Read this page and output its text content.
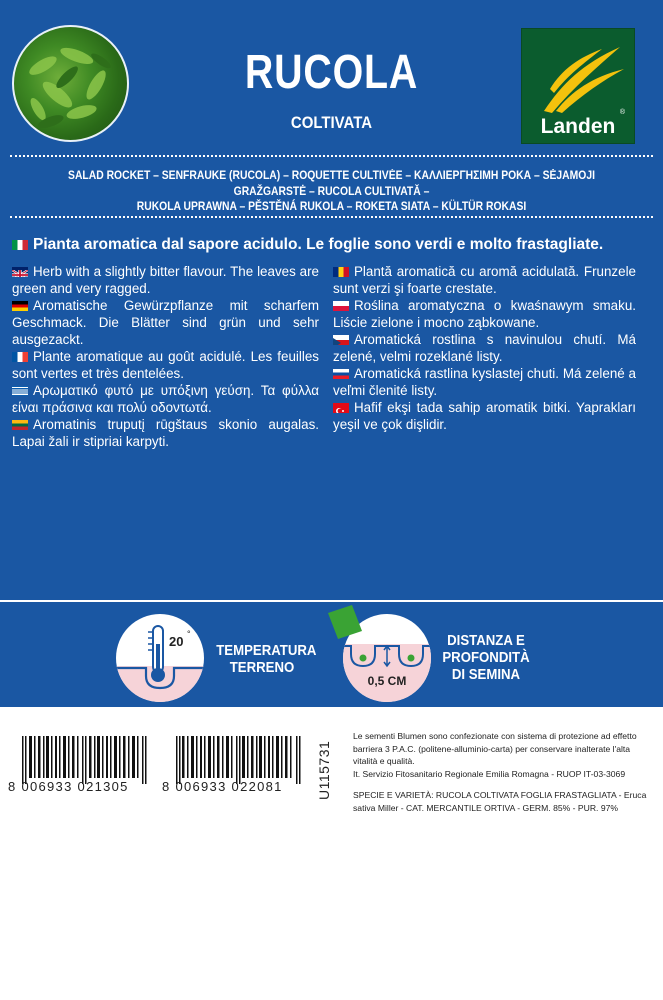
RUCOLA
COLTIVATA
®
Landen
SALAD ROCKET – SENFRAUKE (RUCOLA) – ROQUETTE CULTIVÉE – ΚΑΛΛΙΕΡΓΗΣΙΜΗ ΡΟΚΑ – SĖJAMOJI GRAŽGARSTĖ – RUCOLA CULTIVATĂ –
RUKOLA UPRAWNA – PĚSTĚNÁ RUKOLA – ROKETA SIATA – KÜLTÜR ROKASI
Pianta aromatica dal sapore acidulo. Le foglie sono verdi e molto frastagliate.

Herb with a slightly bitter flavour. The leaves are green and very ragged.

Aromatische Gewürzpflanze mit scharfem Geschmack. Die Blätter sind grün und sehr ausgezackt.

Plante aromatique au goût acidulé. Les feuilles sont vertes et très dentelées.

Αρωματικό φυτό με υπόξινη γεύση. Τα φύλλα είναι πράσινα και πολύ οδοντωτά.

Aromatinis truputį rūgštaus skonio augalas. Lapai žali ir stipriai karpyti.

Plantă aromatică cu aromă acidulată. Frunzele sunt verzi şi foarte crestate.

Roślina aromatyczna o kwaśnawym smaku. Liście zielone i mocno ząbkowane.

Aromatická rostlina s navinulou chutí. Má zelené, velmi rozeklané listy.

Aromatická rastlina kyslastej chuti. Má zelené a veľmi členité listy.

Hafif ekşi tada sahip aromatik bitki. Yaprakları yeşil ve çok dişlidir.

20 °
TEMPERATURA
TERRENO
0,5 CM
DISTANZA E
PROFONDITÀ
DI SEMINA
8 006933 021305	8 006933 022081 U115731

Le sementi Blumen sono confezionate con sistema di protezione ad effetto barriera 3 P.A.C. (politene-alluminio-carta) per conservare inalterate l'alta vitalità e qualità.
It. Servizio Fitosanitario Regionale Emilia Romagna - RUOP IT-03-3069

SPECIE E VARIETÀ: RUCOLA COLTIVATA FOGLIA FRASTAGLIATA - Eruca sativa Miller - CAT. MERCANTILE ORTIVA - GERM. 85% - PUR. 97%
